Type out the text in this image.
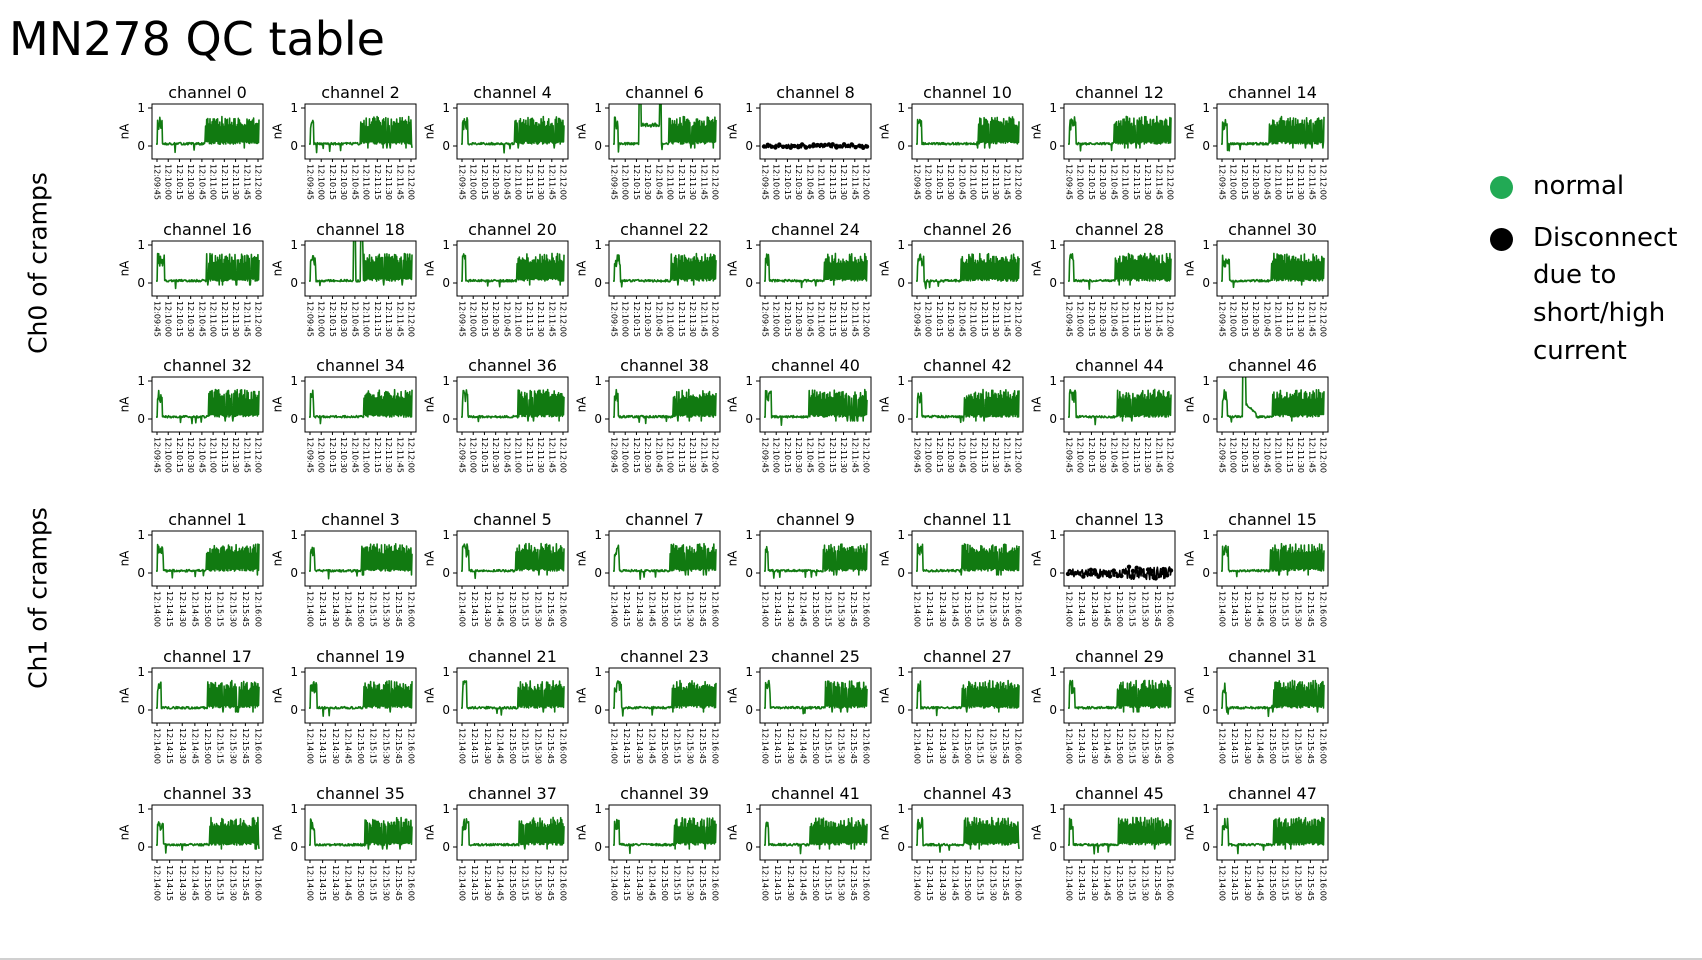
MN278 QC table
Ch0 of cramps
Ch1 of cramps
channel 0
0
1
nA
12:09:45 12:10:00 12:10:15 12:10:30 12:10:45 12:11:00 12:11:15 12:11:30 12:11:45 12:12:00
channel 2
0
1
nA
12:09:45 12:10:00 12:10:15 12:10:30 12:10:45 12:11:00 12:11:15 12:11:30 12:11:45 12:12:00
channel 4
0
1
nA
12:09:45 12:10:00 12:10:15 12:10:30 12:10:45 12:11:00 12:11:15 12:11:30 12:11:45 12:12:00
channel 6
0
1
nA
12:09:45 12:10:00 12:10:15 12:10:30 12:10:45 12:11:00 12:11:15 12:11:30 12:11:45 12:12:00
channel 8
0
1
nA
12:09:45 12:10:00 12:10:15 12:10:30 12:10:45 12:11:00 12:11:15 12:11:30 12:11:45 12:12:00
channel 10
0
1
nA
12:09:45 12:10:00 12:10:15 12:10:30 12:10:45 12:11:00 12:11:15 12:11:30 12:11:45 12:12:00
channel 12
0
1
nA
12:09:45 12:10:00 12:10:15 12:10:30 12:10:45 12:11:00 12:11:15 12:11:30 12:11:45 12:12:00
channel 14
0
1
nA
12:09:45 12:10:00 12:10:15 12:10:30 12:10:45 12:11:00 12:11:15 12:11:30 12:11:45 12:12:00
channel 16
0
1
nA
12:09:45 12:10:00 12:10:15 12:10:30 12:10:45 12:11:00 12:11:15 12:11:30 12:11:45 12:12:00
channel 18
0
1
nA
12:09:45 12:10:00 12:10:15 12:10:30 12:10:45 12:11:00 12:11:15 12:11:30 12:11:45 12:12:00
channel 20
0
1
nA
12:09:45 12:10:00 12:10:15 12:10:30 12:10:45 12:11:00 12:11:15 12:11:30 12:11:45 12:12:00
channel 22
0
1
nA
12:09:45 12:10:00 12:10:15 12:10:30 12:10:45 12:11:00 12:11:15 12:11:30 12:11:45 12:12:00
channel 24
0
1
nA
12:09:45 12:10:00 12:10:15 12:10:30 12:10:45 12:11:00 12:11:15 12:11:30 12:11:45 12:12:00
channel 26
0
1
nA
12:09:45 12:10:00 12:10:15 12:10:30 12:10:45 12:11:00 12:11:15 12:11:30 12:11:45 12:12:00
channel 28
0
1
nA
12:09:45 12:10:00 12:10:15 12:10:30 12:10:45 12:11:00 12:11:15 12:11:30 12:11:45 12:12:00
channel 30
0
1
nA
12:09:45 12:10:00 12:10:15 12:10:30 12:10:45 12:11:00 12:11:15 12:11:30 12:11:45 12:12:00
channel 32
0
1
nA
12:09:45 12:10:00 12:10:15 12:10:30 12:10:45 12:11:00 12:11:15 12:11:30 12:11:45 12:12:00
channel 34
0
1
nA
12:09:45 12:10:00 12:10:15 12:10:30 12:10:45 12:11:00 12:11:15 12:11:30 12:11:45 12:12:00
channel 36
0
1
nA
12:09:45 12:10:00 12:10:15 12:10:30 12:10:45 12:11:00 12:11:15 12:11:30 12:11:45 12:12:00
channel 38
0
1
nA
12:09:45 12:10:00 12:10:15 12:10:30 12:10:45 12:11:00 12:11:15 12:11:30 12:11:45 12:12:00
channel 40
0
1
nA
12:09:45 12:10:00 12:10:15 12:10:30 12:10:45 12:11:00 12:11:15 12:11:30 12:11:45 12:12:00
channel 42
0
1
nA
12:09:45 12:10:00 12:10:15 12:10:30 12:10:45 12:11:00 12:11:15 12:11:30 12:11:45 12:12:00
channel 44
0
1
nA
12:09:45 12:10:00 12:10:15 12:10:30 12:10:45 12:11:00 12:11:15 12:11:30 12:11:45 12:12:00
channel 46
0
1
nA
12:09:45 12:10:00 12:10:15 12:10:30 12:10:45 12:11:00 12:11:15 12:11:30 12:11:45 12:12:00
channel 1
0
1
nA
12:14:00 12:14:15 12:14:30 12:14:45 12:15:00 12:15:15 12:15:30 12:15:45 12:16:00
channel 3
0
1
nA
12:14:00 12:14:15 12:14:30 12:14:45 12:15:00 12:15:15 12:15:30 12:15:45 12:16:00
channel 5
0
1
nA
12:14:00 12:14:15 12:14:30 12:14:45 12:15:00 12:15:15 12:15:30 12:15:45 12:16:00
channel 7
0
1
nA
12:14:00 12:14:15 12:14:30 12:14:45 12:15:00 12:15:15 12:15:30 12:15:45 12:16:00
channel 9
0
1
nA
12:14:00 12:14:15 12:14:30 12:14:45 12:15:00 12:15:15 12:15:30 12:15:45 12:16:00
channel 11
0
1
nA
12:14:00 12:14:15 12:14:30 12:14:45 12:15:00 12:15:15 12:15:30 12:15:45 12:16:00
channel 13
0
1
nA
12:14:00 12:14:15 12:14:30 12:14:45 12:15:00 12:15:15 12:15:30 12:15:45 12:16:00
channel 15
0
1
nA
12:14:00 12:14:15 12:14:30 12:14:45 12:15:00 12:15:15 12:15:30 12:15:45 12:16:00
channel 17
0
1
nA
12:14:00 12:14:15 12:14:30 12:14:45 12:15:00 12:15:15 12:15:30 12:15:45 12:16:00
channel 19
0
1
nA
12:14:00 12:14:15 12:14:30 12:14:45 12:15:00 12:15:15 12:15:30 12:15:45 12:16:00
channel 21
0
1
nA
12:14:00 12:14:15 12:14:30 12:14:45 12:15:00 12:15:15 12:15:30 12:15:45 12:16:00
channel 23
0
1
nA
12:14:00 12:14:15 12:14:30 12:14:45 12:15:00 12:15:15 12:15:30 12:15:45 12:16:00
channel 25
0
1
nA
12:14:00 12:14:15 12:14:30 12:14:45 12:15:00 12:15:15 12:15:30 12:15:45 12:16:00
channel 27
0
1
nA
12:14:00 12:14:15 12:14:30 12:14:45 12:15:00 12:15:15 12:15:30 12:15:45 12:16:00
channel 29
0
1
nA
12:14:00 12:14:15 12:14:30 12:14:45 12:15:00 12:15:15 12:15:30 12:15:45 12:16:00
channel 31
0
1
nA
12:14:00 12:14:15 12:14:30 12:14:45 12:15:00 12:15:15 12:15:30 12:15:45 12:16:00
channel 33
0
1
nA
12:14:00 12:14:15 12:14:30 12:14:45 12:15:00 12:15:15 12:15:30 12:15:45 12:16:00
channel 35
0
1
nA
12:14:00 12:14:15 12:14:30 12:14:45 12:15:00 12:15:15 12:15:30 12:15:45 12:16:00
channel 37
0
1
nA
12:14:00 12:14:15 12:14:30 12:14:45 12:15:00 12:15:15 12:15:30 12:15:45 12:16:00
channel 39
0
1
nA
12:14:00 12:14:15 12:14:30 12:14:45 12:15:00 12:15:15 12:15:30 12:15:45 12:16:00
channel 41
0
1
nA
12:14:00 12:14:15 12:14:30 12:14:45 12:15:00 12:15:15 12:15:30 12:15:45 12:16:00
channel 43
0
1
nA
12:14:00 12:14:15 12:14:30 12:14:45 12:15:00 12:15:15 12:15:30 12:15:45 12:16:00
channel 45
0
1
nA
12:14:00 12:14:15 12:14:30 12:14:45 12:15:00 12:15:15 12:15:30 12:15:45 12:16:00
channel 47
0
1
nA
12:14:00 12:14:15 12:14:30 12:14:45 12:15:00 12:15:15 12:15:30 12:15:45 12:16:00
normal
Disconnect due to short/high current
